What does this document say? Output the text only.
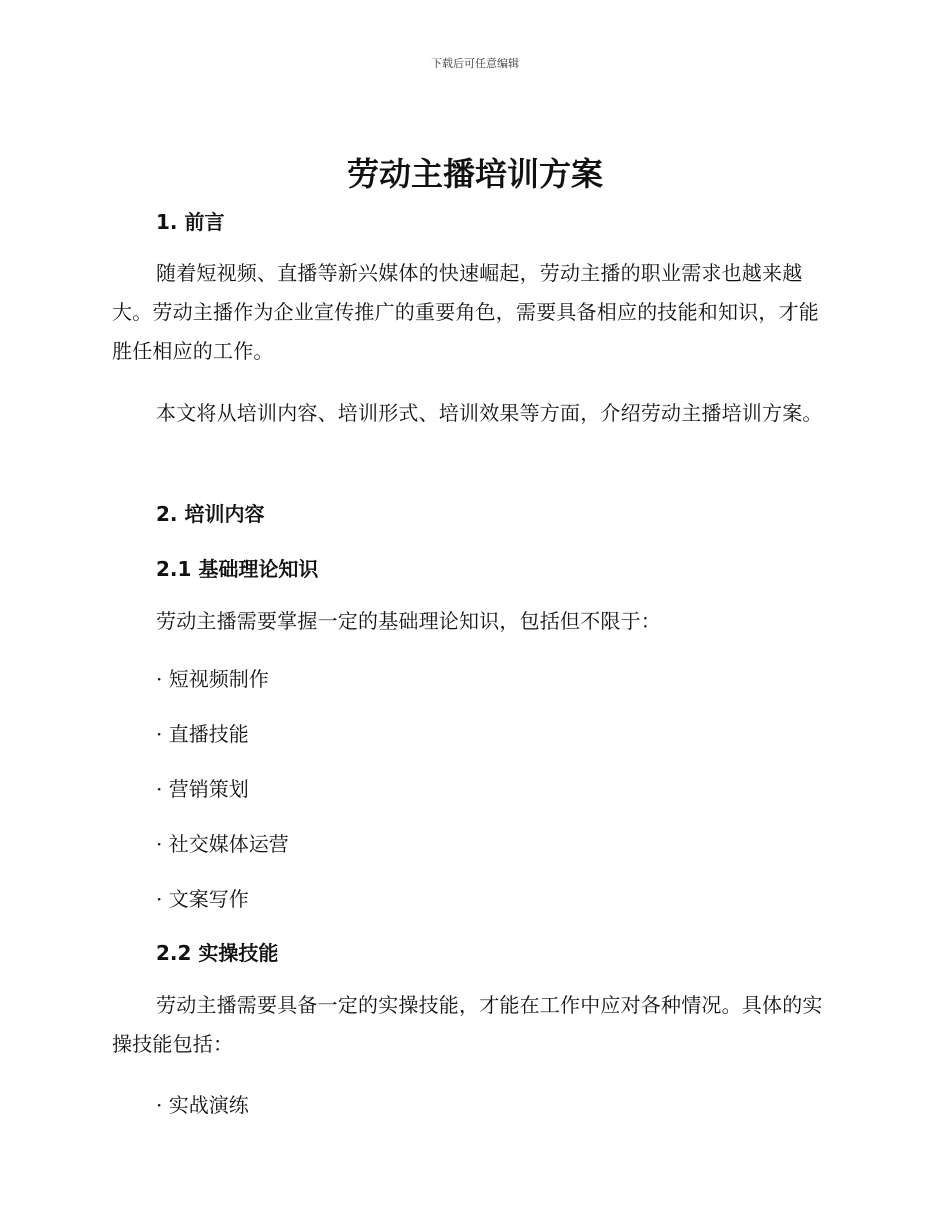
下载后可任意编辑
劳动主播培训方案
1. 前言

随着短视频、直播等新兴媒体的快速崛起，劳动主播的职业需求也越来越大。劳动主播作为企业宣传推广的重要角色，需要具备相应的技能和知识，才能胜任相应的工作。

本文将从培训内容、培训形式、培训效果等方面，介绍劳动主播培训方案。

2. 培训内容
2.1 基础理论知识

劳动主播需要掌握一定的基础理论知识，包括但不限于：

· 短视频制作
· 直播技能
· 营销策划
· 社交媒体运营
· 文案写作
2.2 实操技能

劳动主播需要具备一定的实操技能，才能在工作中应对各种情况。具体的实操技能包括：

· 实战演练
